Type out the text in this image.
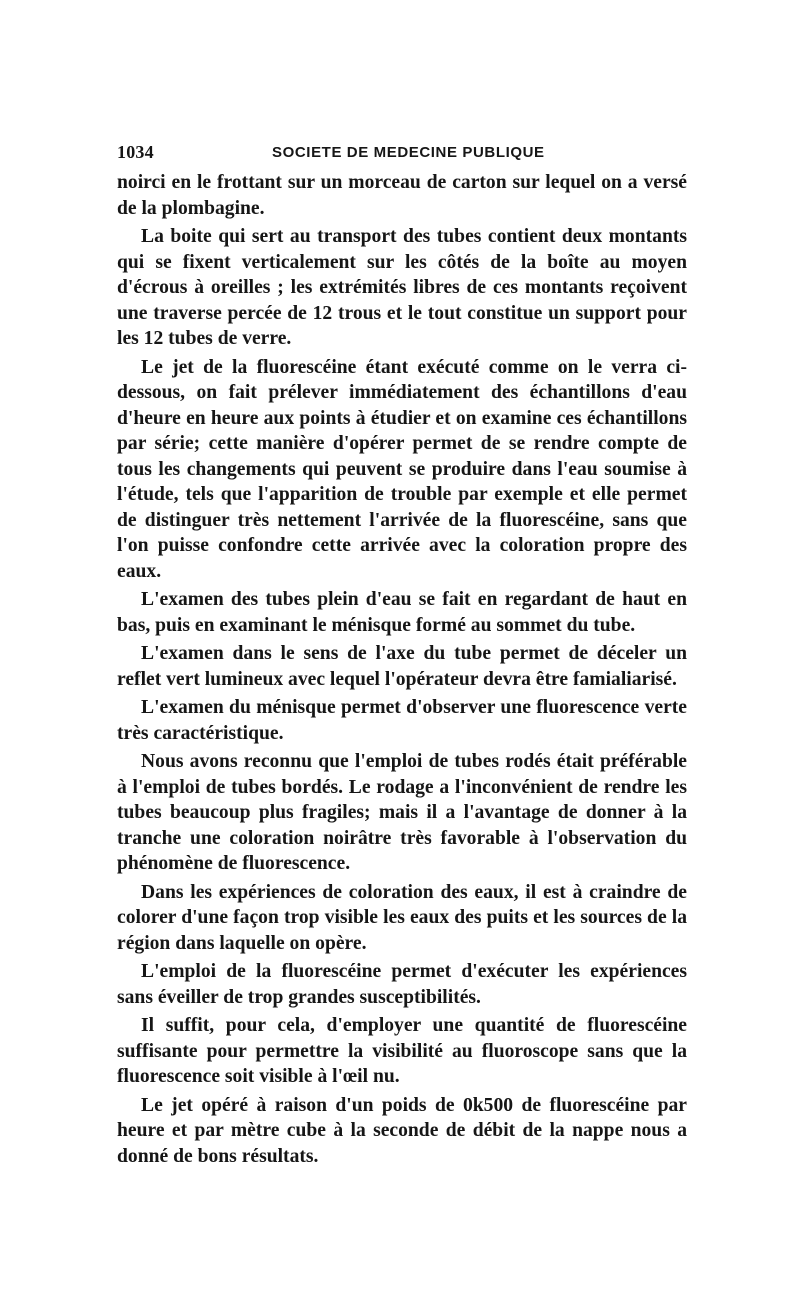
1034	SOCIETE DE MEDECINE PUBLIQUE

noirci en le frottant sur un morceau de carton sur lequel on a versé de la plombagine.

La boite qui sert au transport des tubes contient deux montants qui se fixent verticalement sur les côtés de la boîte au moyen d'écrous à oreilles ; les extrémités libres de ces montants reçoivent une traverse percée de 12 trous et le tout constitue un support pour les 12 tubes de verre.

Le jet de la fluorescéine étant exécuté comme on le verra ci-dessous, on fait prélever immédiatement des échantillons d'eau d'heure en heure aux points à étudier et on examine ces échantillons par série; cette manière d'opérer permet de se rendre compte de tous les changements qui peuvent se produire dans l'eau soumise à l'étude, tels que l'apparition de trouble par exemple et elle permet de distinguer très nettement l'arrivée de la fluorescéine, sans que l'on puisse confondre cette arrivée avec la coloration propre des eaux.

L'examen des tubes plein d'eau se fait en regardant de haut en bas, puis en examinant le ménisque formé au sommet du tube.

L'examen dans le sens de l'axe du tube permet de déceler un reflet vert lumineux avec lequel l'opérateur devra être famialiarisé.

L'examen du ménisque permet d'observer une fluorescence verte très caractéristique.

Nous avons reconnu que l'emploi de tubes rodés était préférable à l'emploi de tubes bordés. Le rodage a l'inconvénient de rendre les tubes beaucoup plus fragiles; mais il a l'avantage de donner à la tranche une coloration noirâtre très favorable à l'observation du phénomène de fluorescence.

Dans les expériences de coloration des eaux, il est à craindre de colorer d'une façon trop visible les eaux des puits et les sources de la région dans laquelle on opère.

L'emploi de la fluorescéine permet d'exécuter les expériences sans éveiller de trop grandes susceptibilités.

Il suffit, pour cela, d'employer une quantité de fluorescéine suffisante pour permettre la visibilité au fluoroscope sans que la fluorescence soit visible à l'œil nu.

Le jet opéré à raison d'un poids de 0k500 de fluorescéine par heure et par mètre cube à la seconde de débit de la nappe nous a donné de bons résultats.
